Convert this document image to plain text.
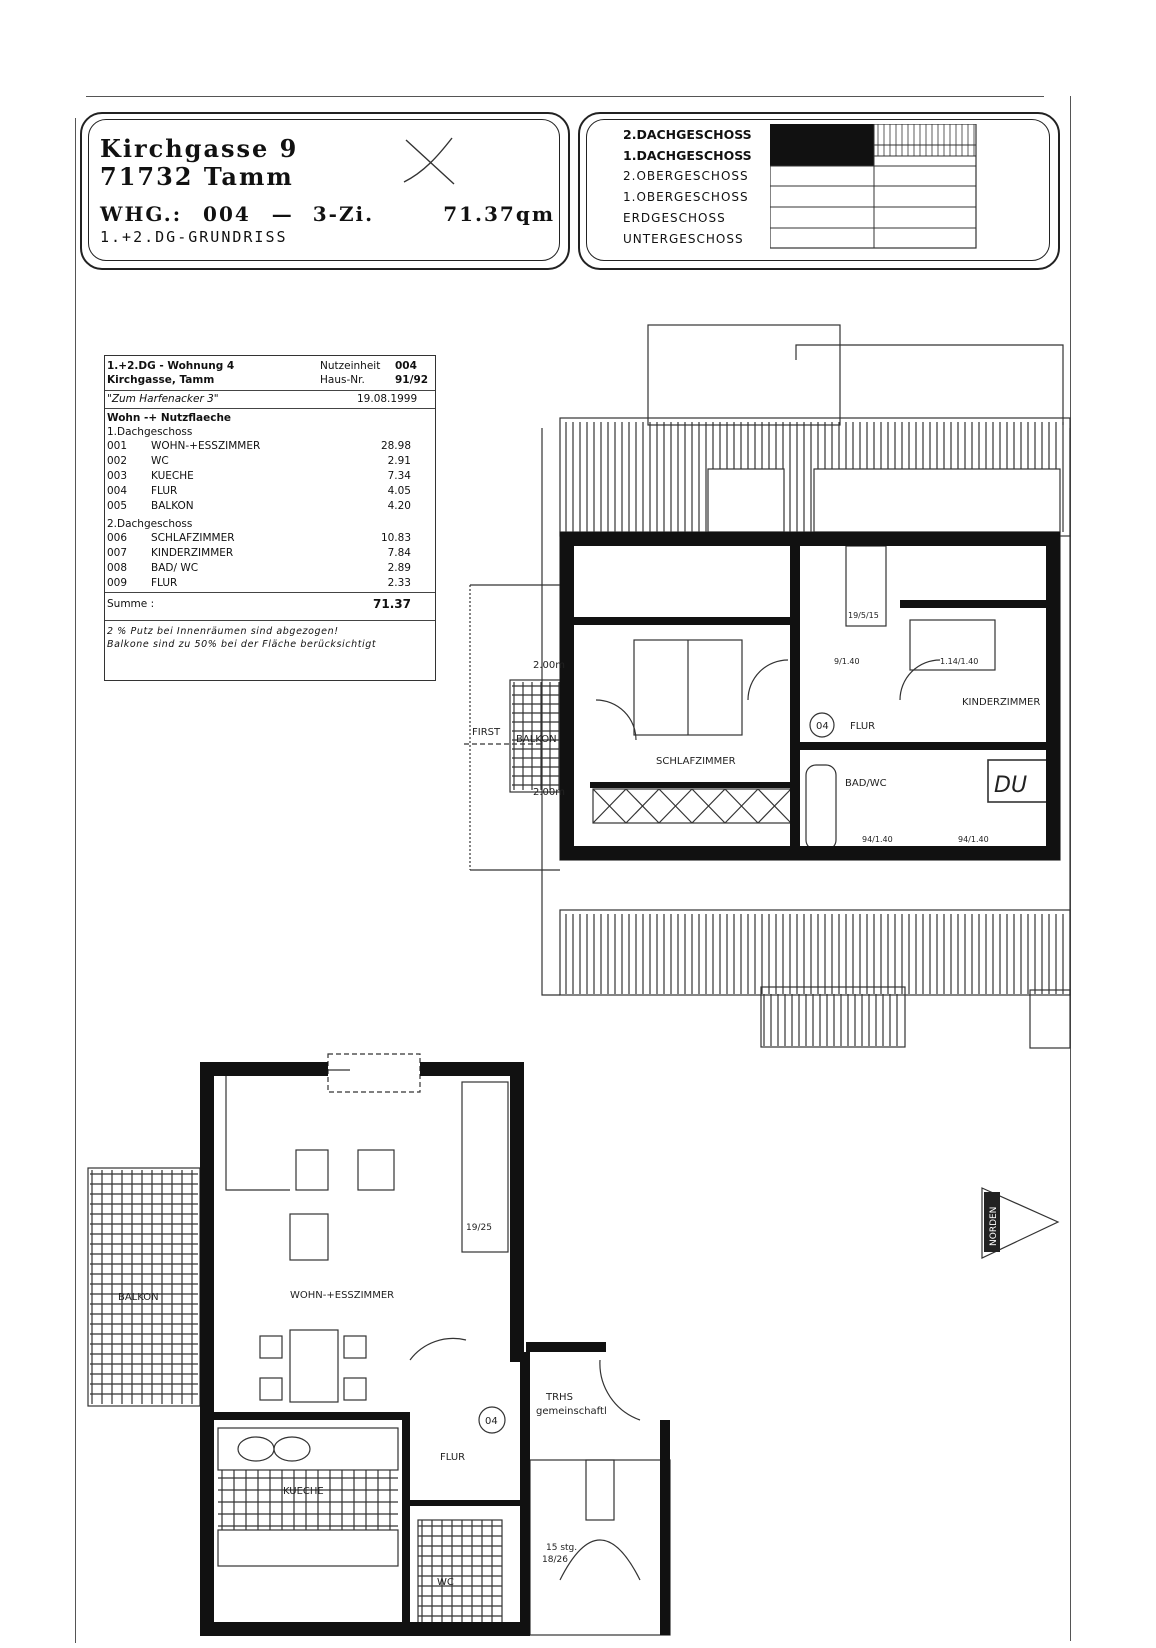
Kirchgasse 9
71732 Tamm
WHG.: 004 — 3-Zi.	71.37qm
1.+2.DG-GRUNDRISS
2.DACHGESCHOSS
1.DACHGESCHOSS
2.OBERGESCHOSS
1.OBERGESCHOSS
ERDGESCHOSS
UNTERGESCHOSS
1.+2.DG - Wohnung 4
Kirchgasse, Tamm
Nutzeinheit 004
Haus-Nr.	91/92
"Zum Harfenacker 3"	19.08.1999
Wohn -+ Nutzflaeche
1.Dachgeschoss
001 WOHN-+ESSZIMMER	28.98
002 WC	2.91
003 KUECHE	7.34
004 FLUR	4.05
005 BALKON	4.20
2.Dachgeschoss
006 SCHLAFZIMMER	10.83
007 KINDERZIMMER	7.84
008 BAD/ WC	2.89
009 FLUR	2.33
Summe :	71.37
2 % Putz bei Innenräumen sind abgezogen!
Balkone sind zu 50% bei der Fläche berücksichtigt
2.00m
2.00m
FIRST
BALKON
SCHLAFZIMMER
04 FLUR
KINDERZIMMER
BAD/WC
19/5/15
1.14/1.40
94/1.40	94/1.40
9/1.40
DU
BALKON	WOHN-+ESSZIMMER
19/25
04
FLUR
KUECHE
WC
TRHS
gemeinschaftl
15 stg.
18/26
NORDEN
